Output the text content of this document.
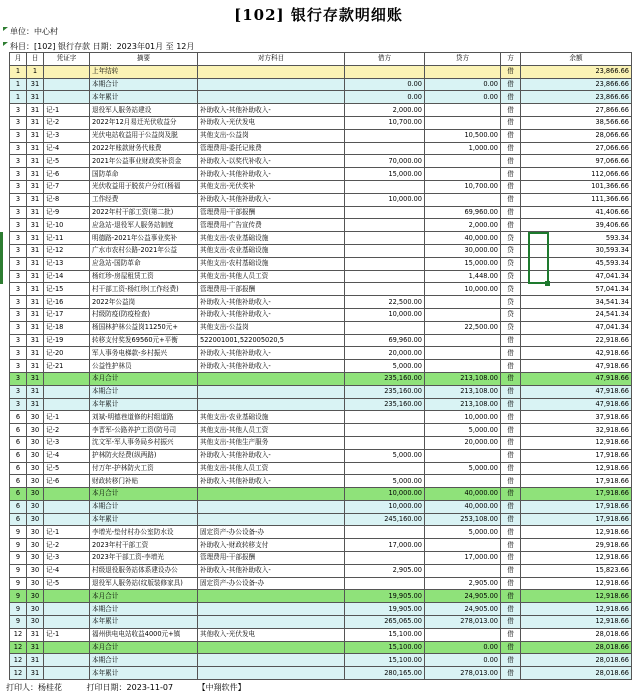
[102] 银行存款明细账
单位：中心村
科目：[102] 银行存款 日期：2023年01月 至 12月
月	日	凭证字	摘要	对方科目	借方	贷方	方	余额
1	1		上年结转				借	23,866.66
1	31		本期合计		0.00	0.00	借	23,866.66
1	31		本年累计		0.00	0.00	借	23,866.66
3	31	记-1	退役军人服务站建设	补助收入-其他补助收入-	2,000.00		借	27,866.66
3	31	记-2	2022年12月易迁光伏收益分	补助收入-光伏发电	10,700.00		借	38,566.66
3	31	记-3	光伏电站收益用于公益岗及脱	其他支出-公益岗		10,500.00	借	28,066.66
3	31	记-4	2022年账款财务代账费	管理费用-委托记账费		1,000.00	借	27,066.66
3	31	记-5	2021年公益事业财政奖补资金	补助收入-以奖代补收入-	70,000.00		借	97,066.66
3	31	记-6	国防革命	补助收入-其他补助收入-	15,000.00		借	112,066.66
3	31	记-7	光伏收益用于脱贫户分红(杨福	其他支出-光伏奖补		10,700.00	借	101,366.66
3	31	记-8	工作经费	补助收入-其他补助收入-	10,000.00		借	111,366.66
3	31	记-9	2022年村干部工资(第二批)	管理费用-干部报酬		69,960.00	借	41,406.66
3	31	记-10	应急站-退役军人服务站制度	管理费用-广告宣传费		2,000.00	借	39,406.66
3	31	记-11	明德路-2021年公益事业奖补	其他支出-农业基础设施		40,000.00	贷	593.34
3	31	记-12	广水市农村公路-2021年公益	其他支出-农业基础设施		30,000.00	贷	30,593.34
3	31	记-13	应急站-国防革命	其他支出-农村基础设施		15,000.00	贷	45,593.34
3	31	记-14	杨红珍-房屋租赁工资	其他支出-其他人员工资		1,448.00	贷	47,041.34
3	31	记-15	村干部工资-杨红珍(工作经费)	管理费用-干部报酬		10,000.00	贷	57,041.34
3	31	记-16	2022年公益岗	补助收入-其他补助收入-	22,500.00		贷	34,541.34
3	31	记-17	村级防疫(防疫检查)	补助收入-其他补助收入-	10,000.00		贷	24,541.34
3	31	记-18	杨国林护林公益岗11250元+	其他支出-公益岗		22,500.00	贷	47,041.34
3	31	记-19	转移支付奖发69560元+平衡	522001001,522005020,5	69,960.00		借	22,918.66
3	31	记-20	军人事务电梯款-乡村振兴	补助收入-其他补助收入-	20,000.00		借	42,918.66
3	31	记-21	公益性护林员	补助收入-其他补助收入-	5,000.00		借	47,918.66
3	31		本月合计		235,160.00	213,108.00	借	47,918.66
3	31		本期合计		235,160.00	213,108.00	借	47,918.66
3	31		本年累计		235,160.00	213,108.00	借	47,918.66
6	30	记-1	刘斌-明德巷道修的村组道路	其他支出-农业基础设施		10,000.00	借	37,918.66
6	30	记-2	李晋军-公路养护工资(防号司	其他支出-其他人员工资		5,000.00	借	32,918.66
6	30	记-3	沈文军-军人事务局乡村振兴	其他支出-其他生产服务		20,000.00	借	12,918.66
6	30	记-4	护林防火经费(纵两路)	补助收入-其他补助收入-	5,000.00		借	17,918.66
6	30	记-5	付万年-护林防火工资	其他支出-其他人员工资		5,000.00	借	12,918.66
6	30	记-6	财政转移门补贴	补助收入-其他补助收入-	5,000.00		借	17,918.66
6	30		本月合计		10,000.00	40,000.00	借	17,918.66
6	30		本期合计		10,000.00	40,000.00	借	17,918.66
6	30		本年累计		245,160.00	253,108.00	借	17,918.66
9	30	记-1	李增光-垫付村办公室防水设	固定资产-办公设备-办		5,000.00	借	12,918.66
9	30	记-2	2023年村干部工资	补助收入-财政转移支付	17,000.00		借	29,918.66
9	30	记-3	2023年干部工资-李增光	管理费用-干部报酬		17,000.00	借	12,918.66
9	30	记-4	村级退役服务站体系建设办公	补助收入-其他补助收入-	2,905.00		借	15,823.66
9	30	记-5	退役军人服务站(纹版装修家具)	固定资产-办公设备-办		2,905.00	借	12,918.66
9	30		本月合计		19,905.00	24,905.00	借	12,918.66
9	30		本期合计		19,905.00	24,905.00	借	12,918.66
9	30		本年累计		265,065.00	278,013.00	借	12,918.66
12	31	记-1	福州供电电站收益4000元+镇	其他收入-光伏发电	15,100.00		借	28,018.66
12	31		本月合计		15,100.00	0.00	借	28,018.66
12	31		本期合计		15,100.00	0.00	借	28,018.66
12	31		本年累计		280,165.00	278,013.00	借	28,018.66
打印人：杨桂花	打印日期：2023-11-07	【中翔软件】
